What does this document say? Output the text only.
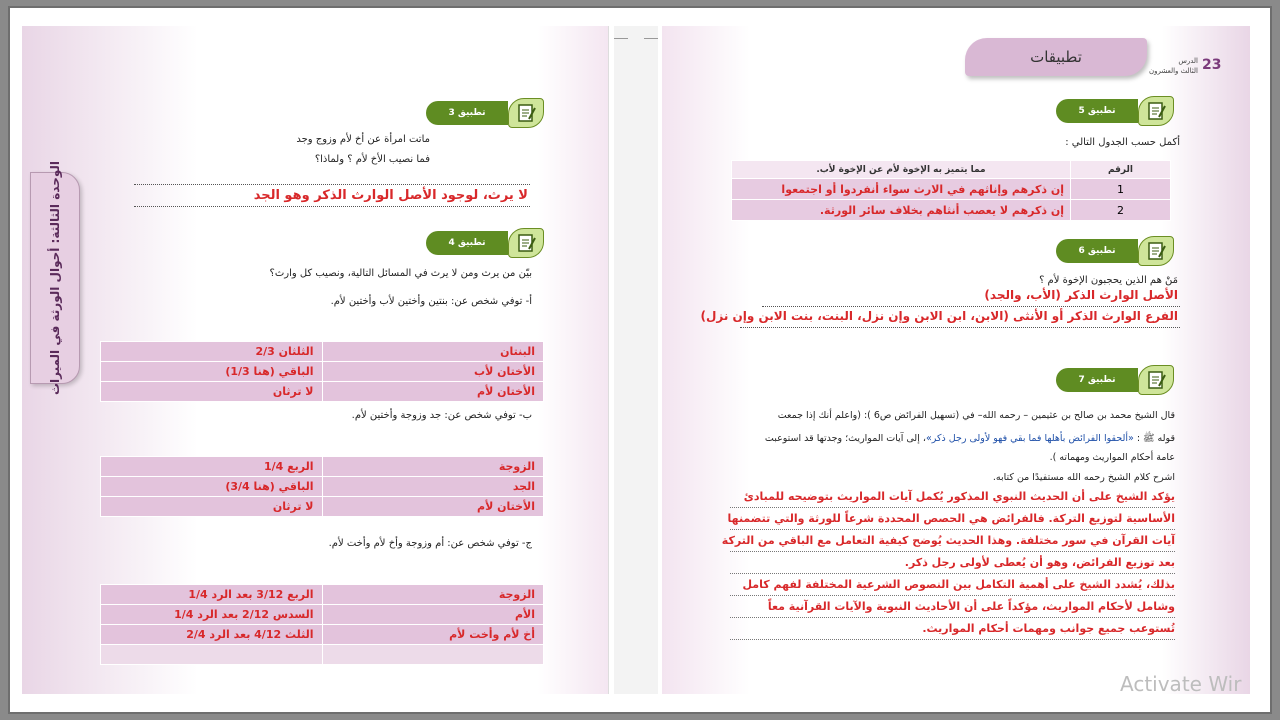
تطبيق 3
ماتت امرأة عن أخ لأم وزوج وجد
فما نصيب الأخ لأم ؟ ولماذا؟
لا يرث، لوجود الأصل الوارث الذكر وهو الجد
تطبيق 4
بيّن من يرث ومن لا يرث في المسائل التالية، ونصيب كل وارث؟
أ- توفي شخص عن: بنتين وأختين لأب وأختين لأم.
البنتان	الثلثان 2/3
الأختان لأب	الباقي (هنا 1/3)
الأختان لأم	لا ترثان
ب- توفي شخص عن: جد وزوجة وأختين لأم.
الزوجة	الربع 1/4
الجد	الباقي (هنا 3/4)
الأختان لأم	لا ترثان
ج- توفي شخص عن: أم وزوجة وأخ لأم وأخت لأم.
الزوجة	الربع 3/12 بعد الرد 1/4
الأم	السدس 2/12 بعد الرد 1/4
أخ لأم وأخت لأم	الثلث 4/12 بعد الرد 2/4

الوحدة الثالثة: أحوال الورثة في الميراث
تطبيق 5
أكمل حسب الجدول التالي :
تطبيق 6
مَنْ هم الذين يحجبون الإخوة لأم ؟
الأصل الوارث الذكر (الأب، والجد)
الفرع الوارث الذكر أو الأنثى (الابن، ابن الابن وإن نزل، البنت، بنت الابن وإن نزل)
تطبيق 7
قال الشيخ محمد بن صالح بن عثيمين – رحمه الله– في (تسهيل الفرائض ص6 ): (واعلم أنك إذا جمعت
قوله ﷺ : «ألحقوا الفرائض بأهلها فما بقي فهو لأولى رجل ذكر»، إلى آيات المواريث؛ وجدتها قد استوعبت
عامة أحكام المواريث ومهماته ).
اشرح كلام الشيخ رحمه الله مستفيدًا من كتابه.
يؤكد الشيخ على أن الحديث النبوي المذكور يُكمل آيات المواريث بتوضيحه للمبادئ
الأساسية لتوزيع التركة. فالفرائض هي الحصص المحددة شرعاً للورثة والتي تتضمنها
آيات القرآن في سور مختلفة. وهذا الحديث يُوضح كيفية التعامل مع الباقي من التركة
بعد توزيع الفرائض، وهو أن يُعطى لأولى رجل ذكر.
بذلك، يُشدد الشيخ على أهمية التكامل بين النصوص الشرعية المختلفة لفهم كامل
وشامل لأحكام المواريث، مؤكداً على أن الأحاديث النبوية والآيات القرآنية معاً
تُستوعب جميع جوانب ومهمات أحكام المواريث.
الرقم	مما يتميز به الإخوة لأم عن الإخوة لأب.
1	إن ذكرهم وإناثهم في الارث سواء أنفردوا أو اجتمعوا
2	إن ذكرهم لا يعصب أنثاهم بخلاف سائر الورثة.
تطبيقات	الدرس
الثالث والعشرون 23
Activate Wir
